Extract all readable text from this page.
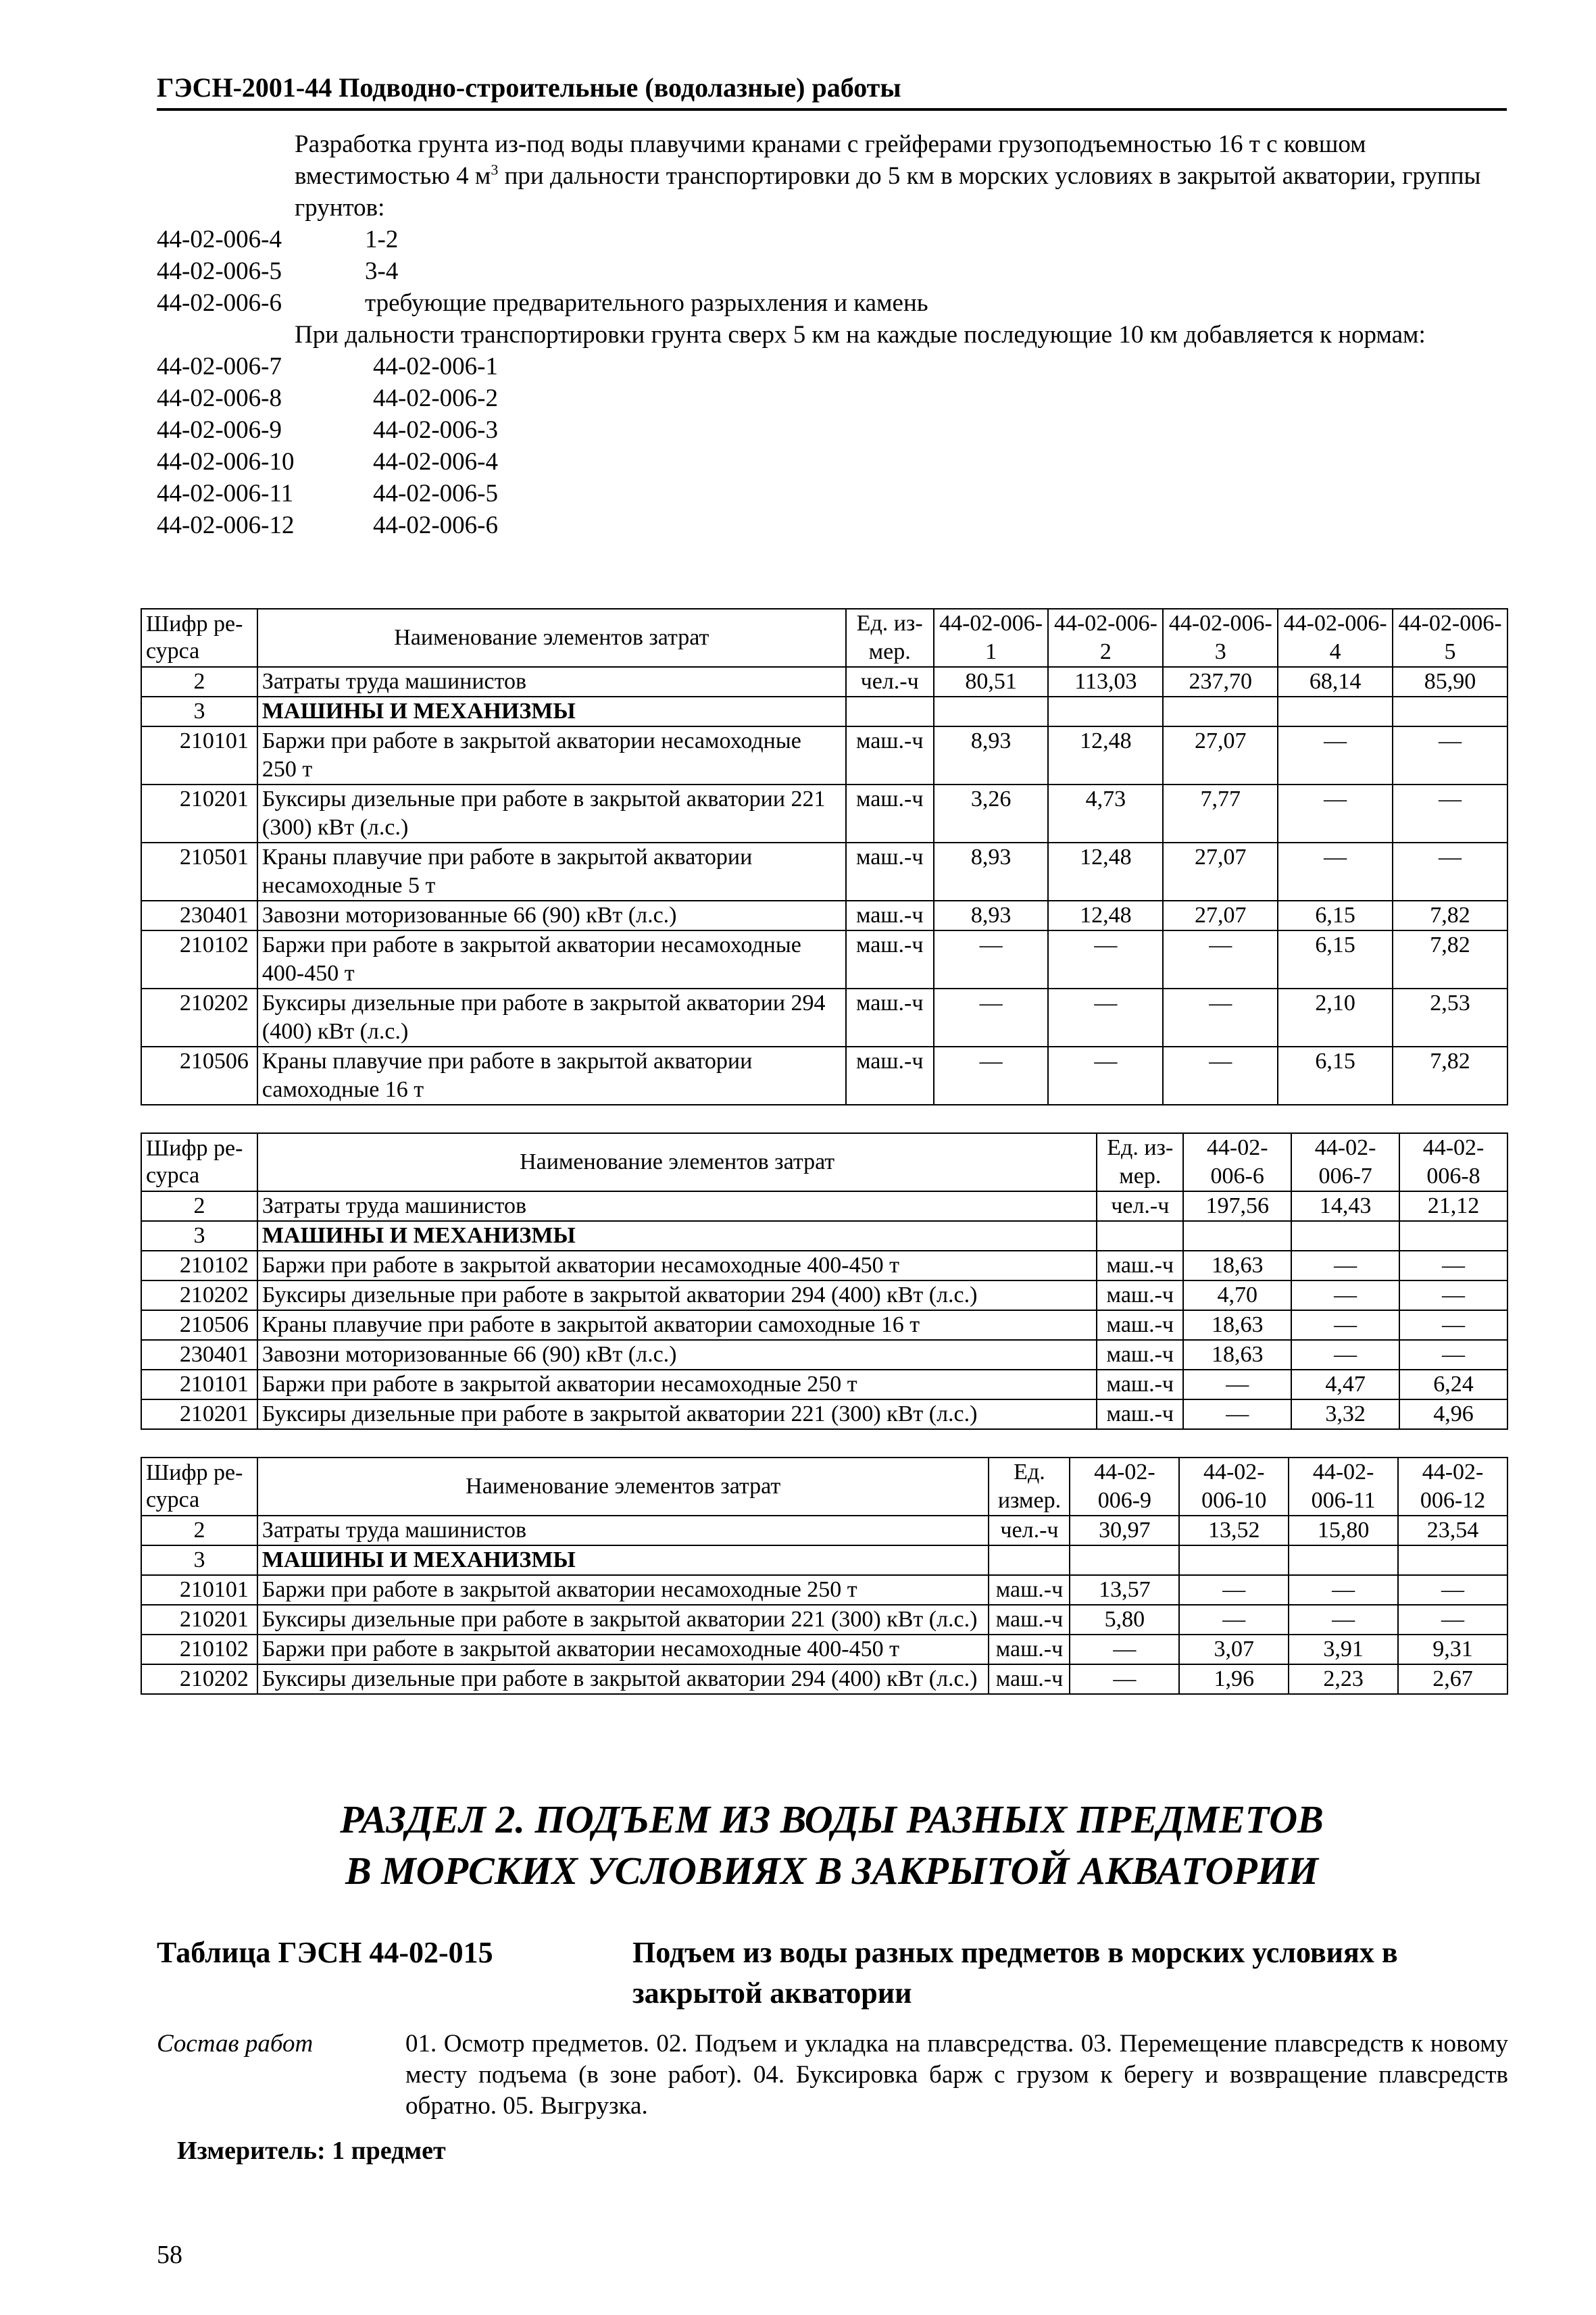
ГЭСН-2001-44 Подводно-строительные (водолазные) работы
Разработка грунта из-под воды плавучими кранами с грейферами грузоподъемностью 16 т с ковшом вместимостью 4 $м^3$ при дальности транспортировки до 5 км в морских условиях в закрытой акватории, группы грунтов:
44-02-006-4	1-2
44-02-006-5	3-4
44-02-006-6	требующие предварительного разрыхления и камень
При дальности транспортировки грунта сверх 5 км на каждые последующие 10 км добавляется к нормам:
44-02-006-7	44-02-006-1
44-02-006-8	44-02-006-2
44-02-006-9	44-02-006-3
44-02-006-10	44-02-006-4
44-02-006-11	44-02-006-5
44-02-006-12	44-02-006-6
Шифр ре-сурса	Наименование элементов затрат	Ед. из-мер.	44-02-006-1	44-02-006-2	44-02-006-3	44-02-006-4	44-02-006-5
2	Затраты труда машинистов	чел.-ч	80,51	113,03	237,70	68,14	85,90
3	МАШИНЫ И МЕХАНИЗМЫ						
210101	Баржи при работе в закрытой акватории несамоходные 250 т	маш.-ч	8,93	12,48	27,07	—	—
210201	Буксиры дизельные при работе в закрытой акватории 221 (300) кВт (л.с.)	маш.-ч	3,26	4,73	7,77	—	—
210501	Краны плавучие при работе в закрытой акватории несамоходные 5 т	маш.-ч	8,93	12,48	27,07	—	—
230401	Завозни моторизованные 66 (90) кВт (л.с.)	маш.-ч	8,93	12,48	27,07	6,15	7,82
210102	Баржи при работе в закрытой акватории несамоходные 400-450 т	маш.-ч	—	—	—	6,15	7,82
210202	Буксиры дизельные при работе в закрытой акватории 294 (400) кВт (л.с.)	маш.-ч	—	—	—	2,10	2,53
210506	Краны плавучие при работе в закрытой акватории самоходные 16 т	маш.-ч	—	—	—	6,15	7,82
Шифр ре-сурса	Наименование элементов затрат	Ед. из-мер.	44-02-006-6	44-02-006-7	44-02-006-8
2	Затраты труда машинистов	чел.-ч	197,56	14,43	21,12
3	МАШИНЫ И МЕХАНИЗМЫ				
210102	Баржи при работе в закрытой акватории несамоходные 400-450 т	маш.-ч	18,63	—	—
210202	Буксиры дизельные при работе в закрытой акватории 294 (400) кВт (л.с.)	маш.-ч	4,70	—	—
210506	Краны плавучие при работе в закрытой акватории самоходные 16 т	маш.-ч	18,63	—	—
230401	Завозни моторизованные 66 (90) кВт (л.с.)	маш.-ч	18,63	—	—
210101	Баржи при работе в закрытой акватории несамоходные 250 т	маш.-ч	—	4,47	6,24
210201	Буксиры дизельные при работе в закрытой акватории 221 (300) кВт (л.с.)	маш.-ч	—	3,32	4,96
Шифр ре-сурса	Наименование элементов затрат	Ед. измер.	44-02-006-9	44-02-006-10	44-02-006-11	44-02-006-12
2	Затраты труда машинистов	чел.-ч	30,97	13,52	15,80	23,54
3	МАШИНЫ И МЕХАНИЗМЫ					
210101	Баржи при работе в закрытой акватории несамоходные 250 т	маш.-ч	13,57	—	—	—
210201	Буксиры дизельные при работе в закрытой акватории 221 (300) кВт (л.с.)	маш.-ч	5,80	—	—	—
210102	Баржи при работе в закрытой акватории несамоходные 400-450 т	маш.-ч	—	3,07	3,91	9,31
210202	Буксиры дизельные при работе в закрытой акватории 294 (400) кВт (л.с.)	маш.-ч	—	1,96	2,23	2,67
РАЗДЕЛ 2. ПОДЪЕМ ИЗ ВОДЫ РАЗНЫХ ПРЕДМЕТОВ
В МОРСКИХ УСЛОВИЯХ В ЗАКРЫТОЙ АКВАТОРИИ
Таблица ГЭСН 44-02-015	Подъем из воды разных предметов в морских условиях в закрытой акватории
Состав работ	01. Осмотр предметов. 02. Подъем и укладка на плавсредства. 03. Перемещение плавсредств к новому месту подъема (в зоне работ). 04. Буксировка барж с грузом к берегу и возвращение плавсредств обратно. 05. Выгрузка.
Измеритель: 1 предмет
58
